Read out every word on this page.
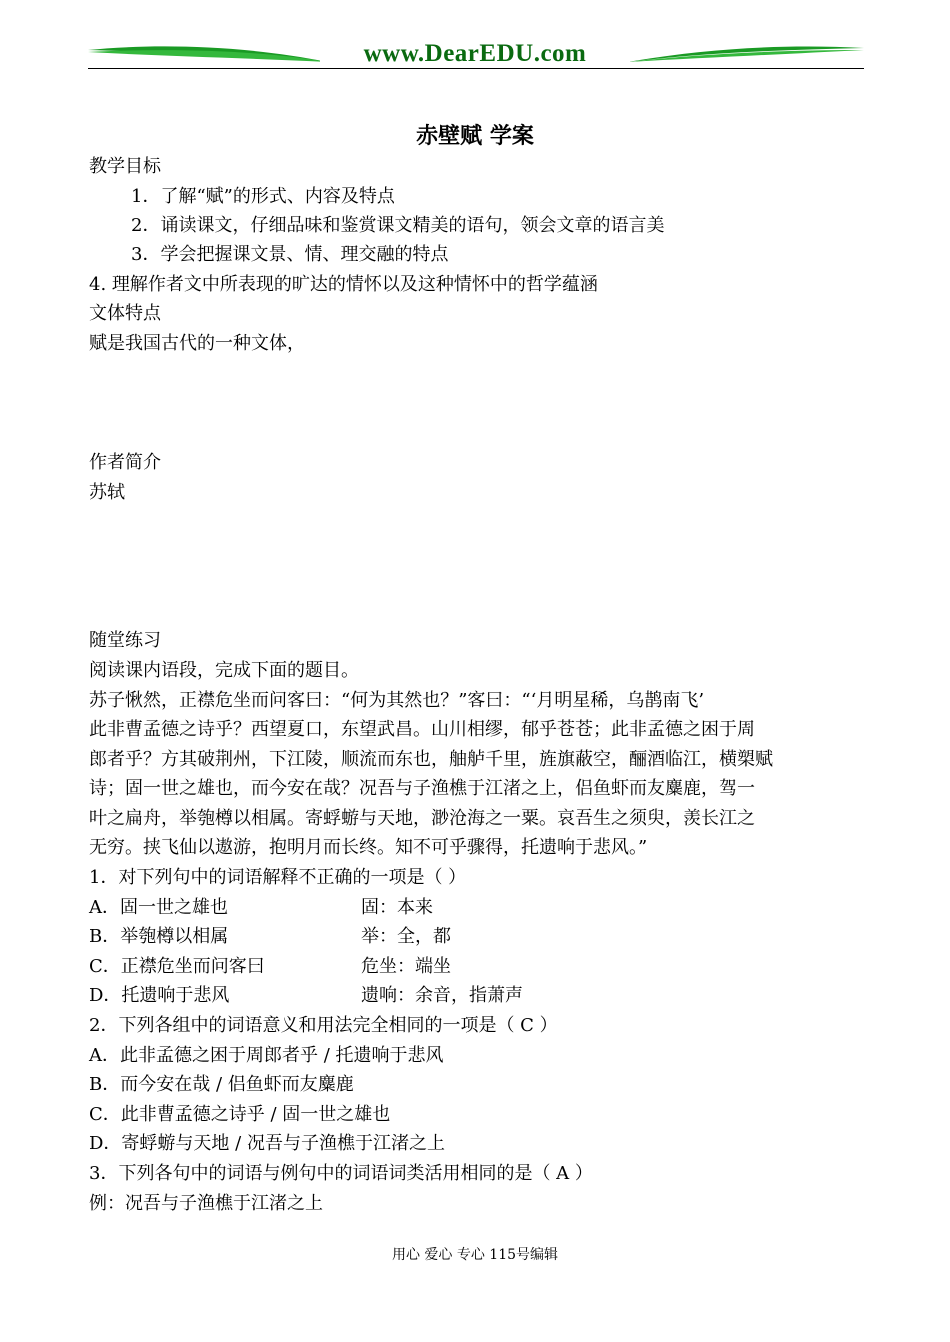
www.DearEDU.com
赤壁赋 学案
教学目标
1．了解“赋”的形式、内容及特点
2．诵读课文，仔细品味和鉴赏课文精美的语句，领会文章的语言美
3．学会把握课文景、情、理交融的特点
4. 理解作者文中所表现的旷达的情怀以及这种情怀中的哲学蕴涵
文体特点
赋是我国古代的一种文体，
作者简介
苏轼
随堂练习
阅读课内语段，完成下面的题目。
苏子愀然，正襟危坐而问客曰：“何为其然也？”客曰：“‘月明星稀，乌鹊南飞’
此非曹孟德之诗乎？西望夏口，东望武昌。山川相缪，郁乎苍苍；此非孟德之困于周
郎者乎？方其破荆州，下江陵，顺流而东也，舳舻千里，旌旗蔽空，酾酒临江，横槊赋
诗；固一世之雄也，而今安在哉？况吾与子渔樵于江渚之上，侣鱼虾而友麋鹿，驾一
叶之扁舟，举匏樽以相属。寄蜉蝣与天地，渺沧海之一粟。哀吾生之须臾，羡长江之
无穷。挟飞仙以遨游，抱明月而长终。知不可乎骤得，托遗响于悲风。”
1．对下列句中的词语解释不正确的一项是（ ）
A．固一世之雄也	固：本来
B．举匏樽以相属	举：全，都
C．正襟危坐而问客曰	危坐：端坐
D．托遗响于悲风	遗响：余音，指萧声
2．下列各组中的词语意义和用法完全相同的一项是（ C ）
A．此非孟德之困于周郎者乎 / 托遗响于悲风
B．而今安在哉 / 侣鱼虾而友麋鹿
C．此非曹孟德之诗乎 / 固一世之雄也
D．寄蜉蝣与天地 / 况吾与子渔樵于江渚之上
3．下列各句中的词语与例句中的词语词类活用相同的是（ A ）
例：况吾与子渔樵于江渚之上
用心 爱心 专心 115号编辑
